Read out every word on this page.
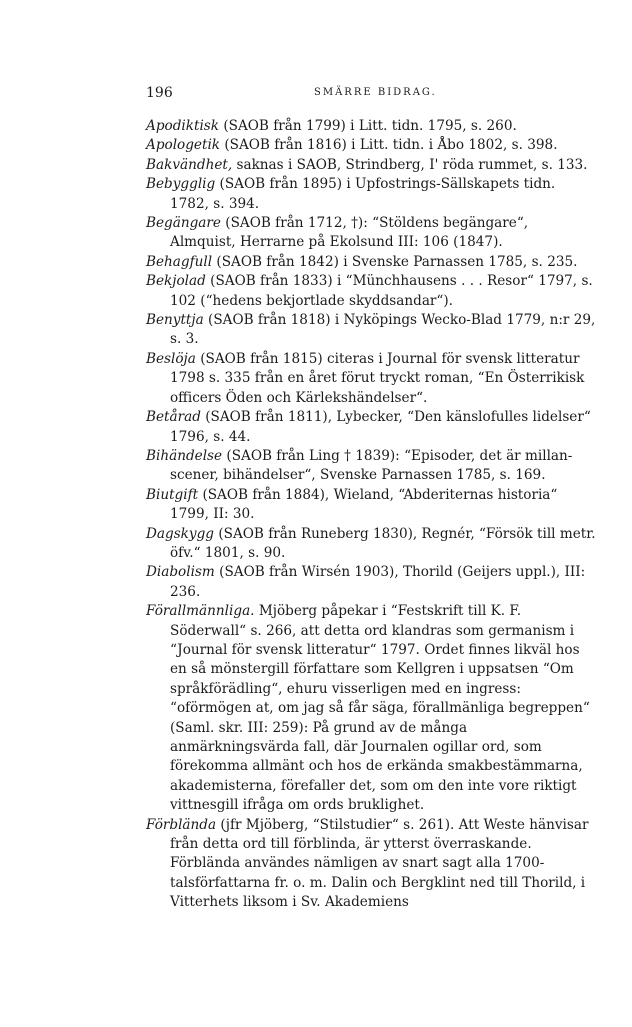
196	SMÄRRE BIDRAG.

Apodiktisk (SAOB från 1799) i Litt. tidn. 1795, s. 260.

Apologetik (SAOB från 1816) i Litt. tidn. i Åbo 1802, s. 398.

Bakvändhet, saknas i SAOB, Strindberg, I' röda rummet, s. 133.

Bebygglig (SAOB från 1895) i Upfostrings-Sällskapets tidn. 1782, s. 394.

Begängare (SAOB från 1712, †): “Stöldens begängare“, Almquist, Herrarne på Ekolsund III: 106 (1847).

Behagfull (SAOB från 1842) i Svenske Parnassen 1785, s. 235.

Bekjolad (SAOB från 1833) i “Münchhausens . . . Resor“ 1797, s. 102 (“hedens bekjortlade skyddsandar“).

Benyttja (SAOB från 1818) i Nyköpings Wecko-Blad 1779, n:r 29, s. 3.

Beslöja (SAOB från 1815) citeras i Journal för svensk litteratur 1798 s. 335 från en året förut tryckt roman, “En Österrikisk officers Öden och Kärlekshändelser“.

Betårad (SAOB från 1811), Lybecker, “Den känslofulles lidelser“ 1796, s. 44.

Bihändelse (SAOB från Ling † 1839): “Episoder, det är millan-scener, bihändelser“, Svenske Parnassen 1785, s. 169.

Biutgift (SAOB från 1884), Wieland, “Abderiternas historia“ 1799, II: 30.

Dagskygg (SAOB från Runeberg 1830), Regnér, “Försök till metr. öfv.“ 1801, s. 90.

Diabolism (SAOB från Wirsén 1903), Thorild (Geijers uppl.), III: 236.

Förallmännliga. Mjöberg påpekar i “Festskrift till K. F. Söderwall“ s. 266, att detta ord klandras som germanism i “Journal för svensk litteratur“ 1797. Ordet finnes likväl hos en så mönstergill författare som Kellgren i uppsatsen “Om språkförädling“, ehuru visserligen med en ingress: “oförmögen at, om jag så får säga, förallmänliga begreppen“ (Saml. skr. III: 259): På grund av de många anmärkningsvärda fall, där Journalen ogillar ord, som förekomma allmänt och hos de erkända smakbestämmarna, akademisterna, förefaller det, som om den inte vore riktigt vittnesgill ifråga om ords bruklighet.

Förblända (jfr Mjöberg, “Stilstudier“ s. 261). Att Weste hänvisar från detta ord till förblinda, är ytterst överraskande. Förblända användes nämligen av snart sagt alla 1700-talsförfattarna fr. o. m. Dalin och Bergklint ned till Thorild, i Vitterhets liksom i Sv. Akademiens
